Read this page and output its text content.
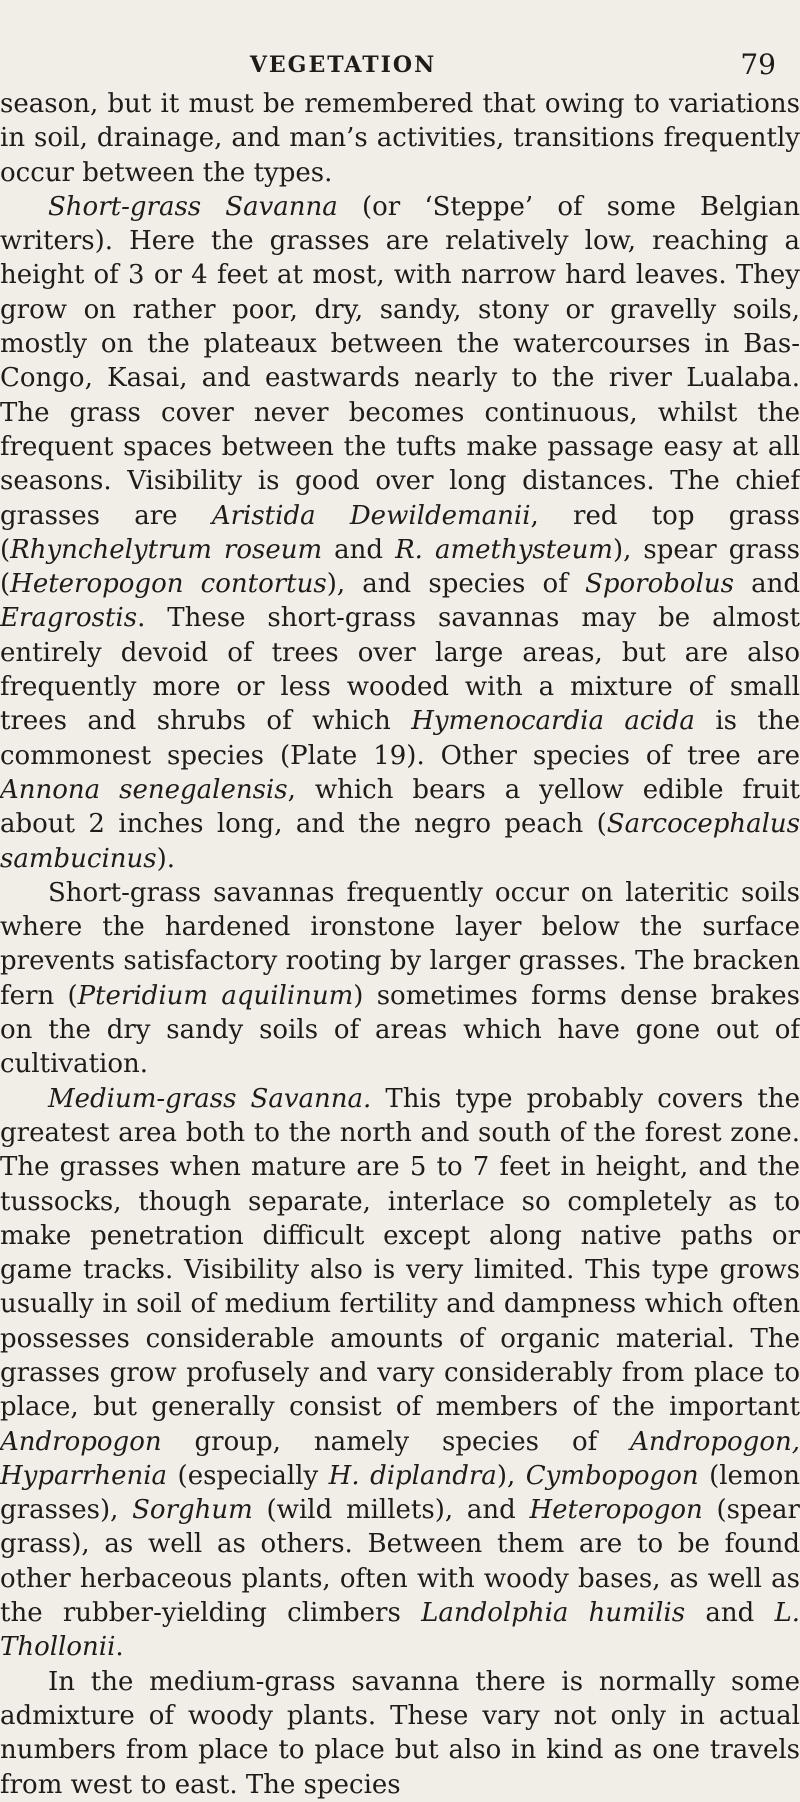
VEGETATION	79

season, but it must be remembered that owing to variations in soil, drainage, and man’s activities, transitions frequently occur between the types.

Short-grass Savanna (or ‘Steppe’ of some Belgian writers). Here the grasses are relatively low, reaching a height of 3 or 4 feet at most, with narrow hard leaves. They grow on rather poor, dry, sandy, stony or gravelly soils, mostly on the plateaux between the watercourses in Bas-Congo, Kasai, and eastwards nearly to the river Lualaba. The grass cover never becomes continuous, whilst the frequent spaces between the tufts make passage easy at all seasons. Visibility is good over long distances. The chief grasses are Aristida Dewildemanii, red top grass (Rhynchelytrum roseum and R. amethysteum), spear grass (Heteropogon contortus), and species of Sporobolus and Eragrostis. These short-grass savannas may be almost entirely devoid of trees over large areas, but are also frequently more or less wooded with a mixture of small trees and shrubs of which Hymenocardia acida is the commonest species (Plate 19). Other species of tree are Annona senegalensis, which bears a yellow edible fruit about 2 inches long, and the negro peach (Sarcocephalus sambucinus).

Short-grass savannas frequently occur on lateritic soils where the hardened ironstone layer below the surface prevents satisfactory rooting by larger grasses. The bracken fern (Pteridium aquilinum) sometimes forms dense brakes on the dry sandy soils of areas which have gone out of cultivation.

Medium-grass Savanna. This type probably covers the greatest area both to the north and south of the forest zone. The grasses when mature are 5 to 7 feet in height, and the tussocks, though separate, interlace so completely as to make penetration difficult except along native paths or game tracks. Visibility also is very limited. This type grows usually in soil of medium fertility and dampness which often possesses considerable amounts of organic material. The grasses grow profusely and vary considerably from place to place, but generally consist of members of the important Andropogon group, namely species of Andropogon, Hyparrhenia (especially H. diplandra), Cymbopogon (lemon grasses), Sorghum (wild millets), and Heteropogon (spear grass), as well as others. Between them are to be found other herbaceous plants, often with woody bases, as well as the rubber-yielding climbers Landolphia humilis and L. Thollonii.

In the medium-grass savanna there is normally some admixture of woody plants. These vary not only in actual numbers from place to place but also in kind as one travels from west to east. The species
